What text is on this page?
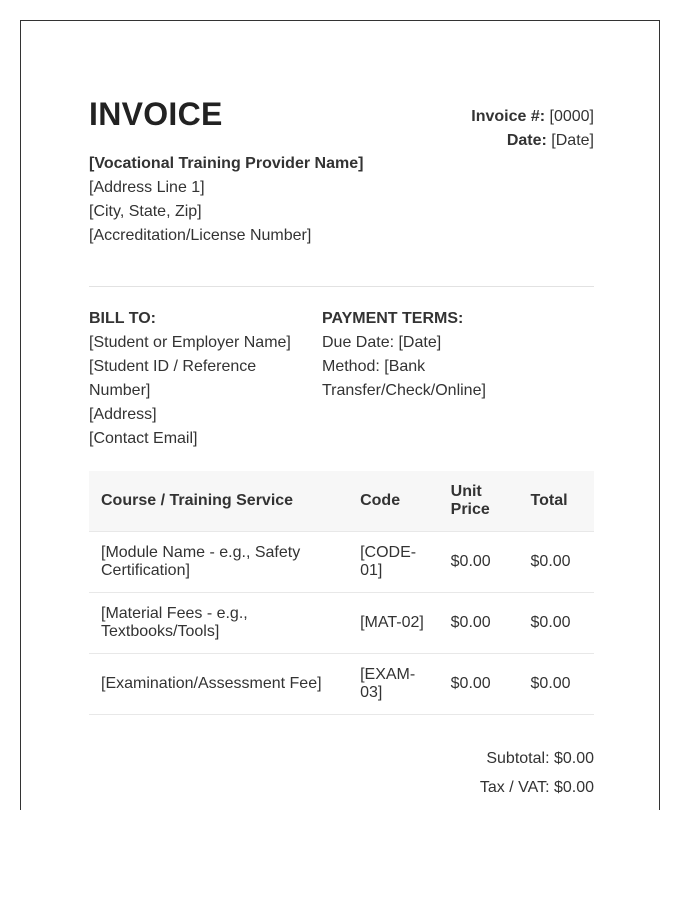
INVOICE	Invoice #: [0000]
Date: [Date]
[Vocational Training Provider Name]
[Address Line 1]
[City, State, Zip]
[Accreditation/License Number]
BILL TO:
[Student or Employer Name]
[Student ID / Reference Number]
[Address]
[Contact Email]
PAYMENT TERMS:
Due Date: [Date]
Method: [Bank Transfer/Check/Online]
Course / Training Service	Code	Unit Price	Total
[Module Name - e.g., Safety Certification]	[CODE-01]	$0.00	$0.00
[Material Fees - e.g., Textbooks/Tools]	[MAT-02]	$0.00	$0.00
[Examination/Assessment Fee]	[EXAM-03]	$0.00	$0.00
Subtotal: $0.00
Tax / VAT: $0.00
